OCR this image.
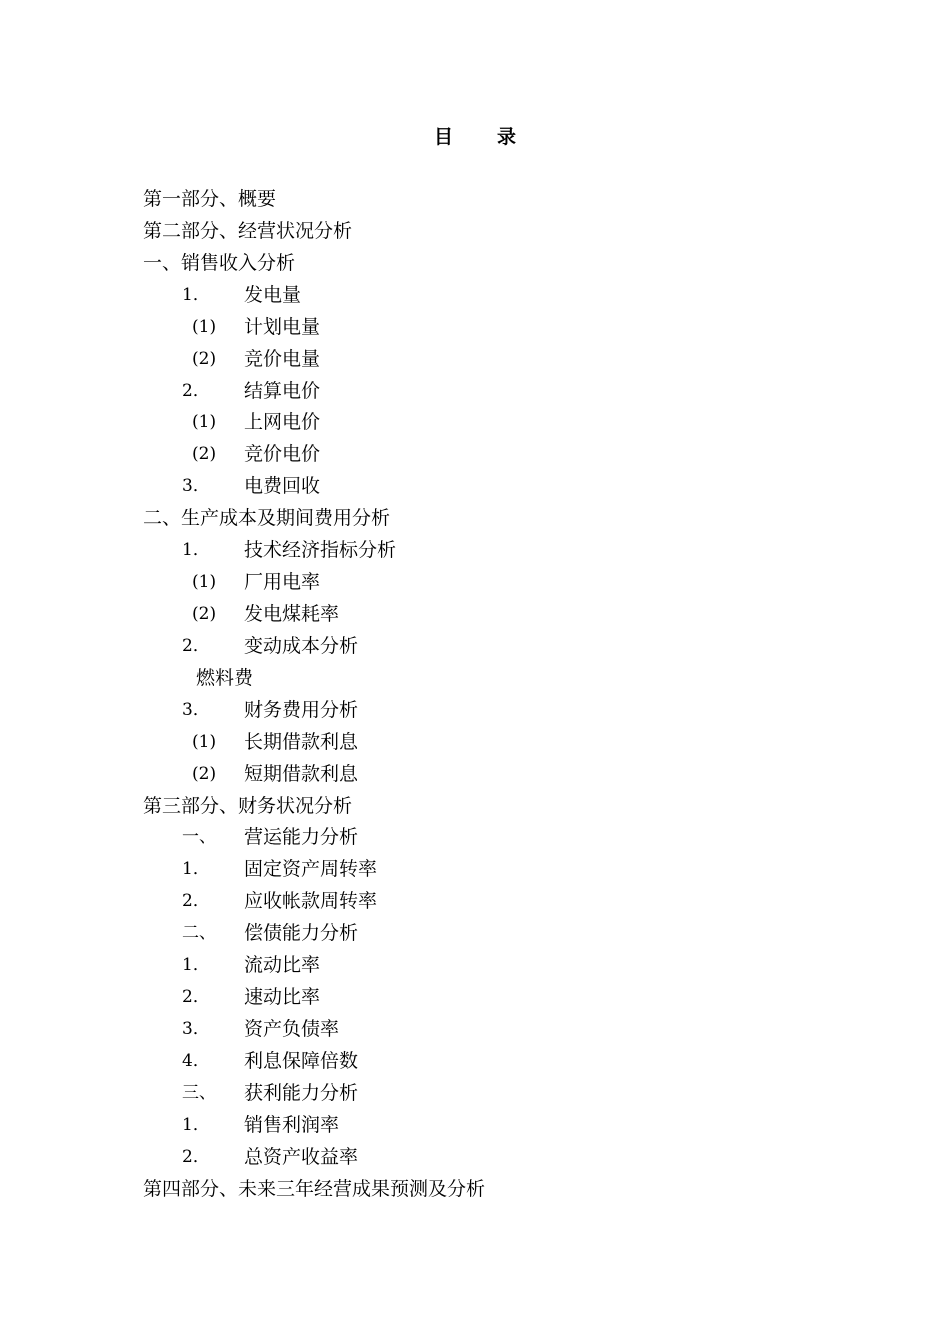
目 录
第一部分、概要
第二部分、经营状况分析
一、销售收入分析
1． 发电量
(1) 计划电量
(2) 竞价电量
2． 结算电价
(1) 上网电价
(2) 竞价电价
3． 电费回收
二、生产成本及期间费用分析
1． 技术经济指标分析
(1) 厂用电率
(2) 发电煤耗率
2． 变动成本分析
燃料费
3． 财务费用分析
(1) 长期借款利息
(2) 短期借款利息
第三部分、财务状况分析
一、 营运能力分析
1． 固定资产周转率
2． 应收帐款周转率
二、 偿债能力分析
1． 流动比率
2． 速动比率
3． 资产负债率
4． 利息保障倍数
三、 获利能力分析
1． 销售利润率
2． 总资产收益率
第四部分、未来三年经营成果预测及分析
